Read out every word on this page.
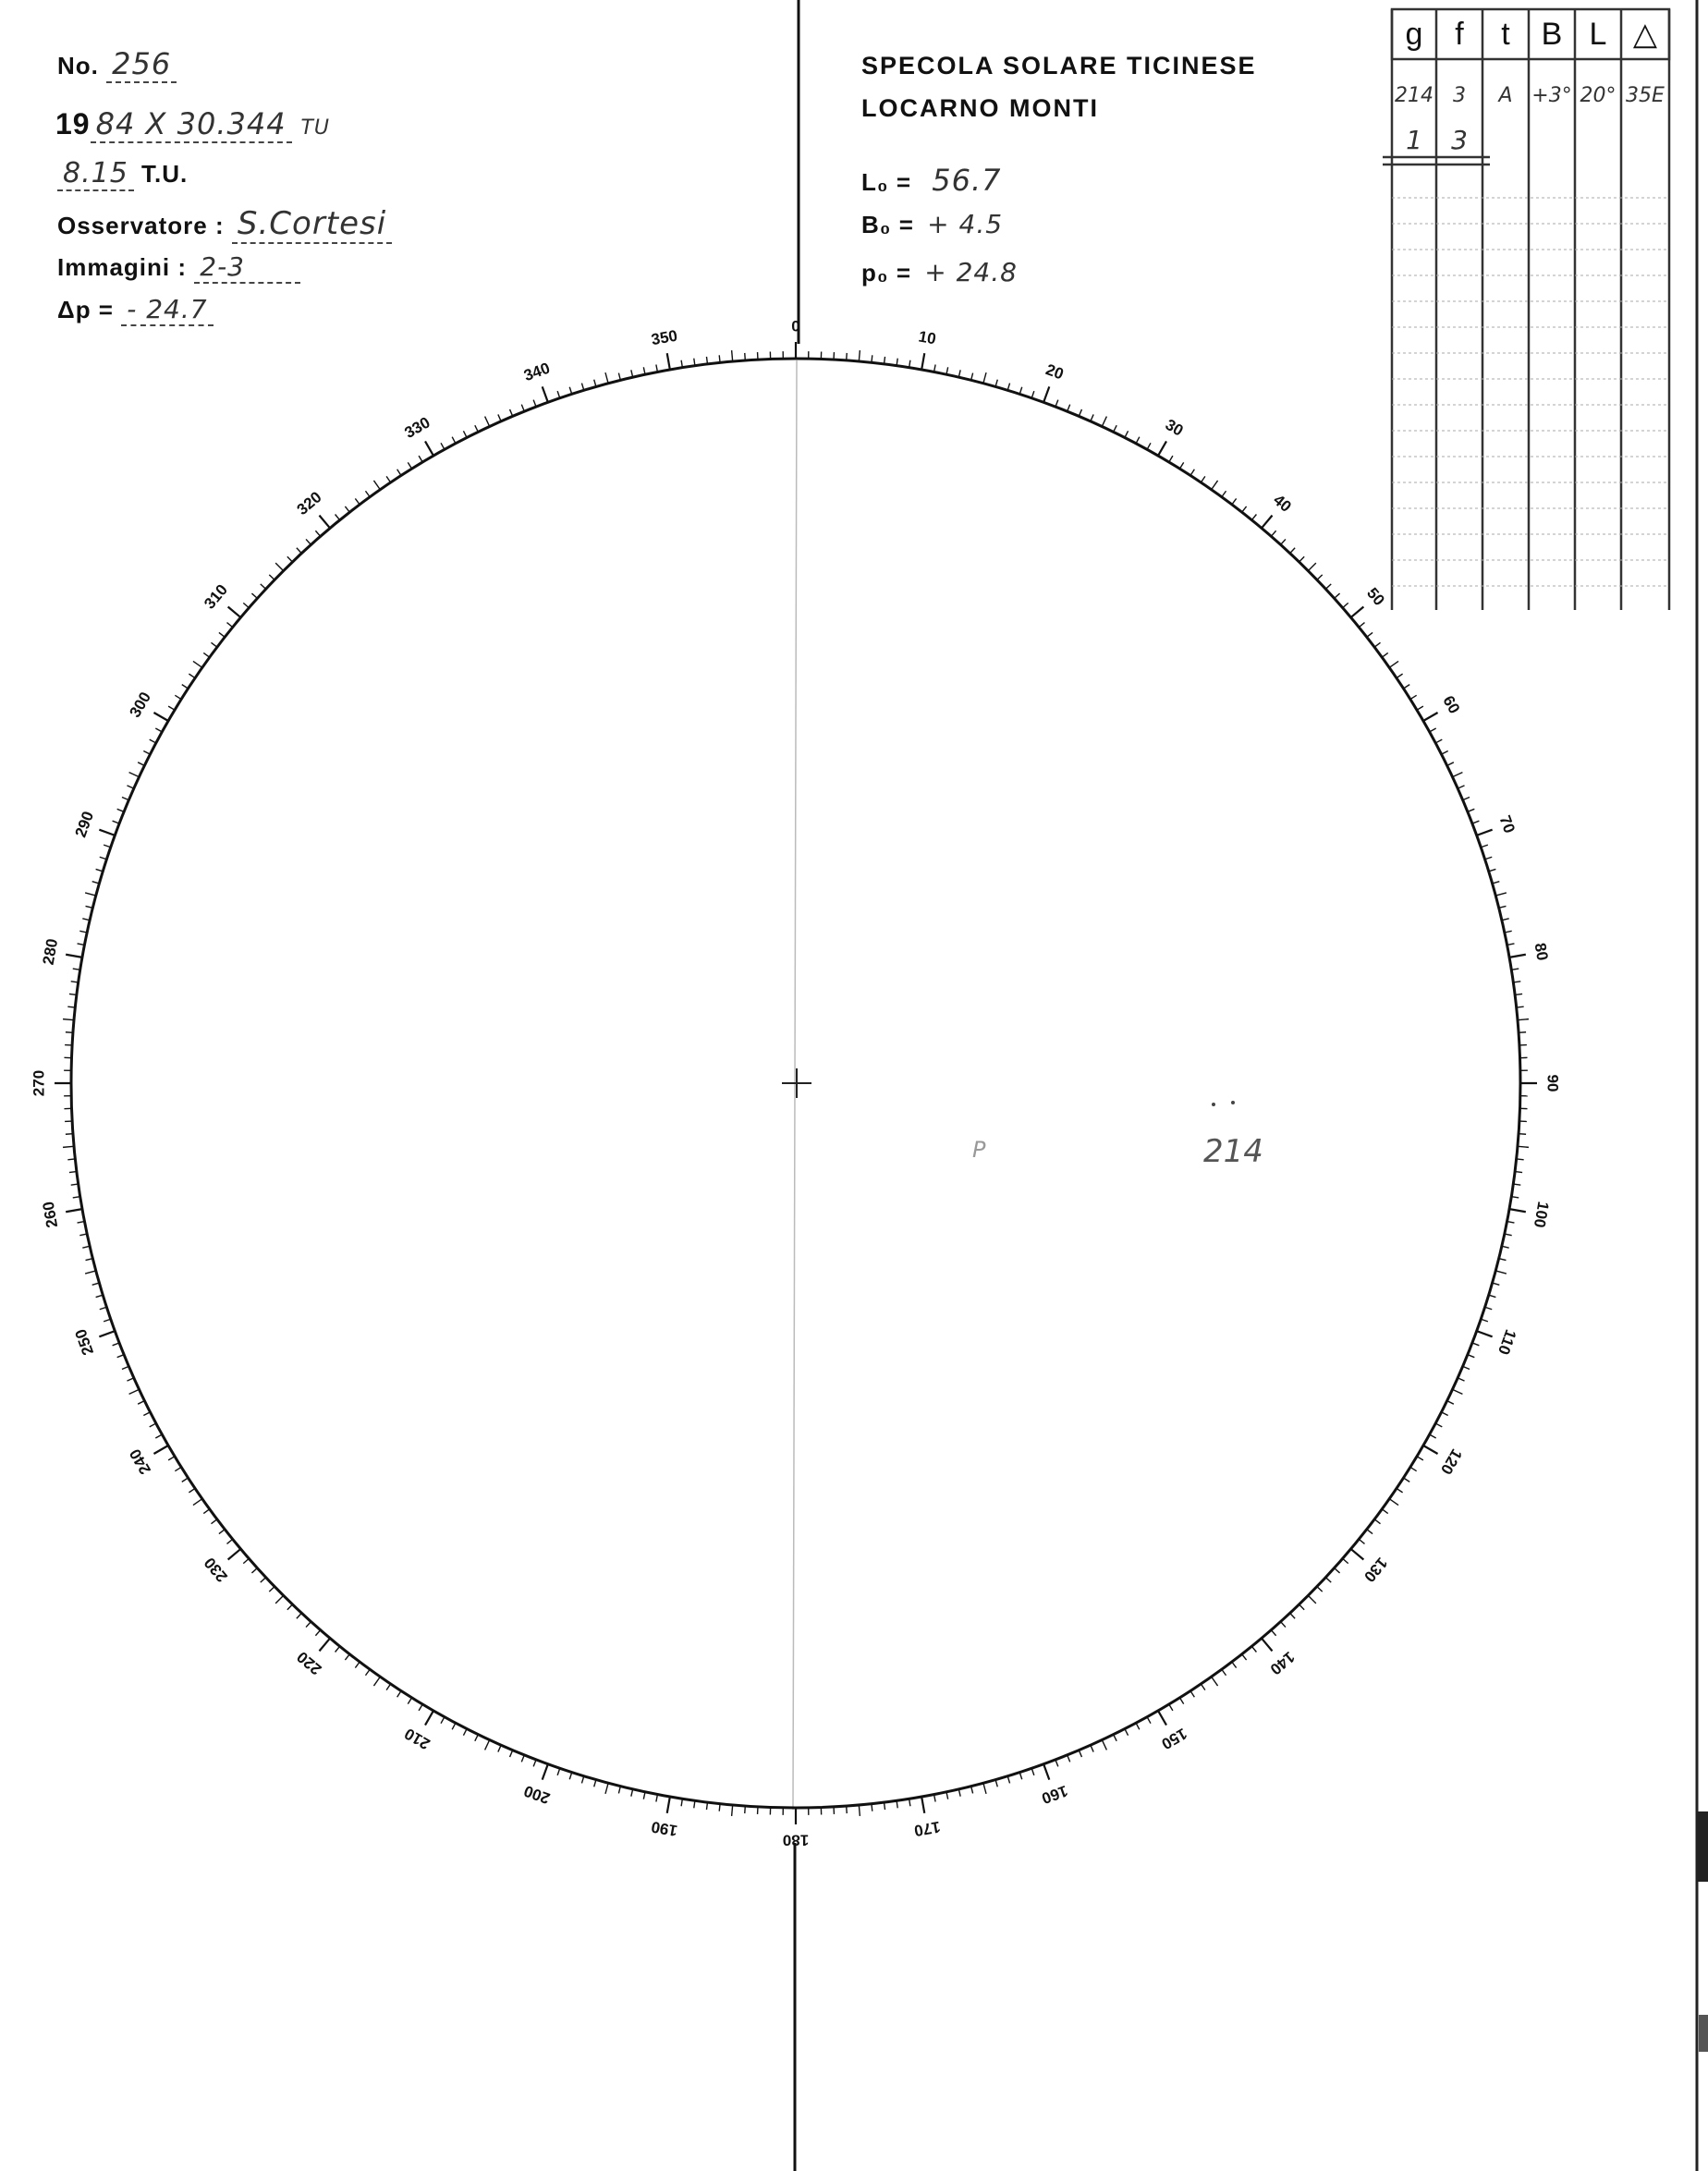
No. 256
19 84 X 30.344 TU
8.15 T.U.
Osservatore : S.Cortesi
Immagini : 2-3
Δp = - 24.7
SPECOLA SOLARE TICINESE
LOCARNO MONTI
L₀ = 56.7
B₀ = + 4.5
p₀ = + 24.8
0
10
20
30
40
50
60
70
80
90
100
110
120
130
140
150
160
170
180
190
200
210
220
230
240
250
260
270
280
290
300
310
320
330
340
350
g	f	t B L △
214 3	A +3° 20° 35E
1	3
214
P
